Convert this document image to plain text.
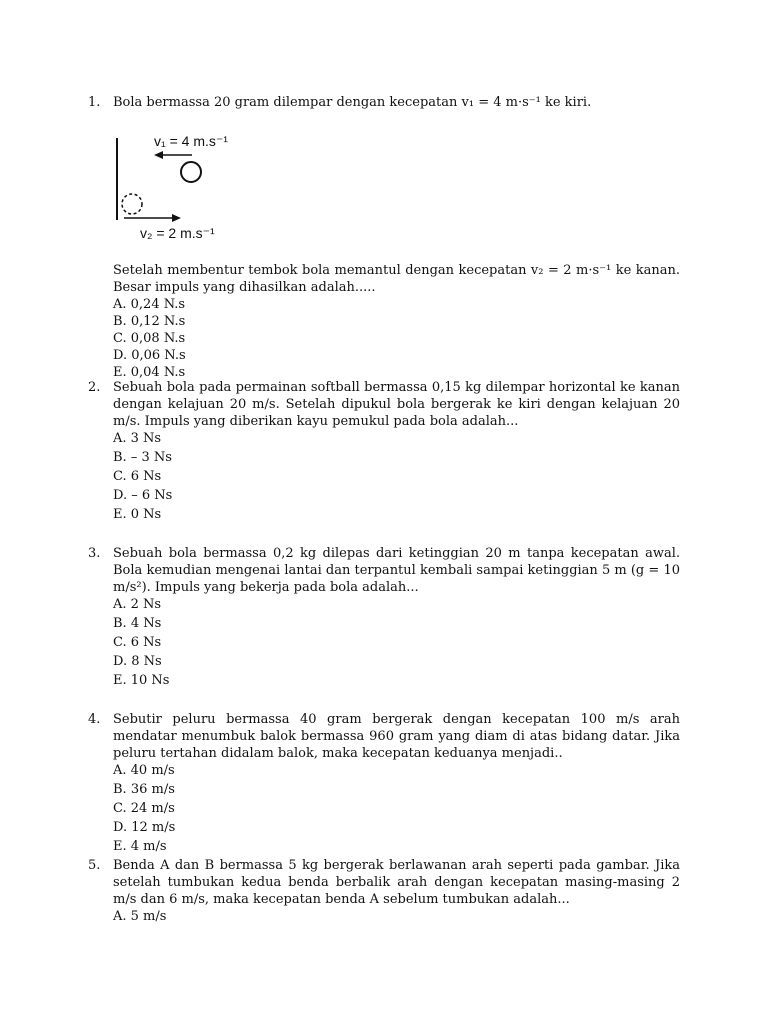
1. Bola bermassa 20 gram dilempar dengan kecepatan v₁ = 4 m·s⁻¹ ke kiri.
v₁ = 4 m.s⁻¹
v₂ = 2 m.s⁻¹
Setelah membentur tembok bola memantul dengan kecepatan v₂ = 2 m·s⁻¹ ke kanan. Besar impuls yang dihasilkan adalah.....
A. 0,24 N.s
B. 0,12 N.s
C. 0,08 N.s
D. 0,06 N.s
E. 0,04 N.s
2. Sebuah bola pada permainan softball bermassa 0,15 kg dilempar horizontal ke kanan dengan kelajuan 20 m/s. Setelah dipukul bola bergerak ke kiri dengan kelajuan 20 m/s. Impuls yang diberikan kayu pemukul pada bola adalah...
A. 3 Ns
B. – 3 Ns
C. 6 Ns
D. – 6 Ns
E. 0 Ns
3. Sebuah bola bermassa 0,2 kg dilepas dari ketinggian 20 m tanpa kecepatan awal. Bola kemudian mengenai lantai dan terpantul kembali sampai ketinggian 5 m (g = 10 m/s²). Impuls yang bekerja pada bola adalah...
A. 2 Ns
B. 4 Ns
C. 6 Ns
D. 8 Ns
E. 10 Ns
4. Sebutir peluru bermassa 40 gram bergerak dengan kecepatan 100 m/s arah mendatar menumbuk balok bermassa 960 gram yang diam di atas bidang datar. Jika peluru tertahan didalam balok, maka kecepatan keduanya menjadi..
A. 40 m/s
B. 36 m/s
C. 24 m/s
D. 12 m/s
E. 4 m/s
5. Benda A dan B bermassa 5 kg bergerak berlawanan arah seperti pada gambar. Jika setelah tumbukan kedua benda berbalik arah dengan kecepatan masing-masing 2 m/s dan 6 m/s, maka kecepatan benda A sebelum tumbukan adalah...
A. 5 m/s
